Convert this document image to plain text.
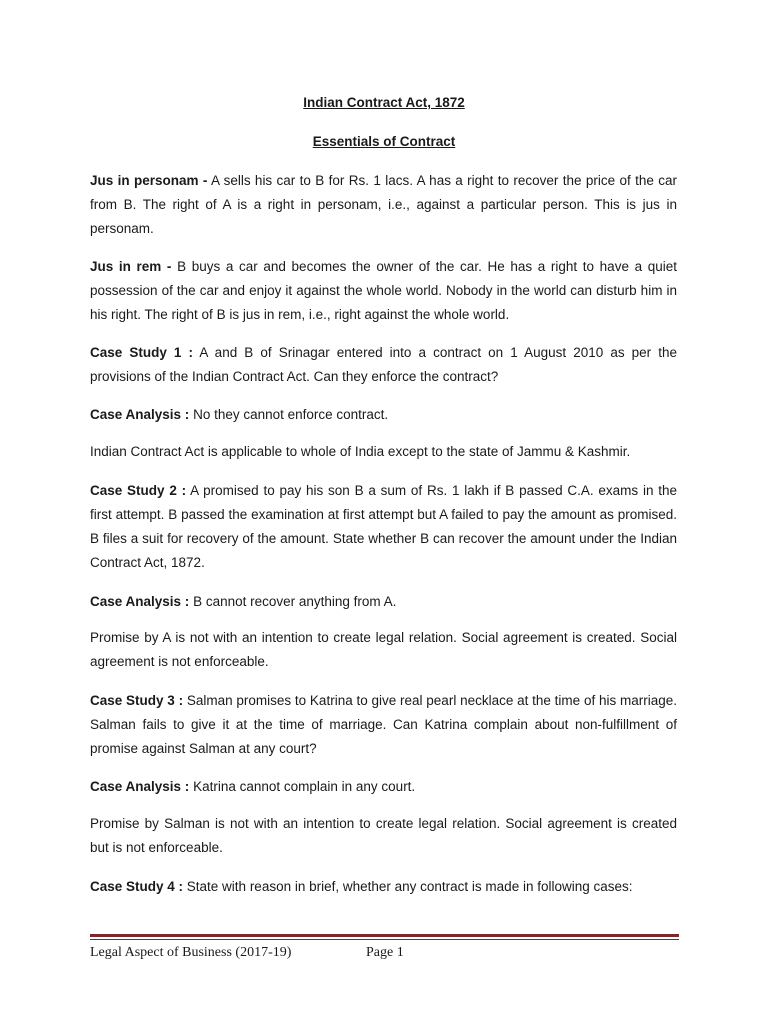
Indian Contract Act, 1872
Essentials of Contract
Jus in personam - A sells his car to B for Rs. 1 lacs. A has a right to recover the price of the car from B. The right of A is a right in personam, i.e., against a particular person. This is jus in personam.
Jus in rem - B buys a car and becomes the owner of the car. He has a right to have a quiet possession of the car and enjoy it against the whole world. Nobody in the world can disturb him in his right. The right of B is jus in rem, i.e., right against the whole world.
Case Study 1 : A and B of Srinagar entered into a contract on 1 August 2010 as per the provisions of the Indian Contract Act. Can they enforce the contract?
Case Analysis : No they cannot enforce contract.
Indian Contract Act is applicable to whole of India except to the state of Jammu & Kashmir.
Case Study 2 : A promised to pay his son B a sum of Rs. 1 lakh if B passed C.A. exams in the first attempt. B passed the examination at first attempt but A failed to pay the amount as promised. B files a suit for recovery of the amount. State whether B can recover the amount under the Indian Contract Act, 1872.
Case Analysis : B cannot recover anything from A.
Promise by A is not with an intention to create legal relation. Social agreement is created. Social agreement is not enforceable.
Case Study 3 : Salman promises to Katrina to give real pearl necklace at the time of his marriage. Salman fails to give it at the time of marriage. Can Katrina complain about non-fulfillment of promise against Salman at any court?
Case Analysis : Katrina cannot complain in any court.
Promise by Salman is not with an intention to create legal relation. Social agreement is created but is not enforceable.
Case Study 4 : State with reason in brief, whether any contract is made in following cases:
Legal Aspect of Business (2017-19)	Page 1
